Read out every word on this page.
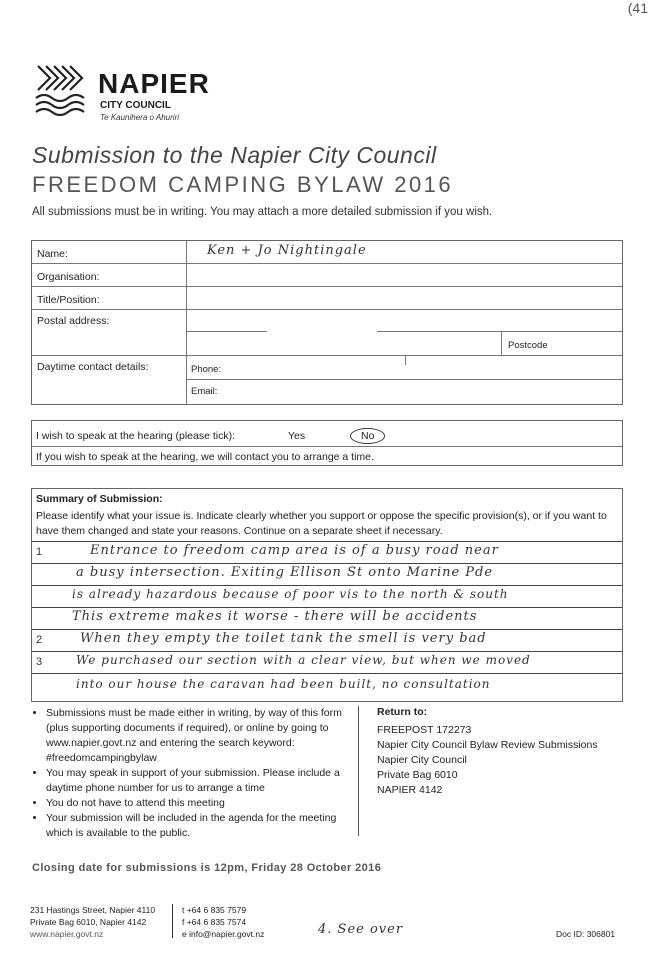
(41
NAPIER
CITY COUNCIL
Te Kaunihera o Ahuriri
Submission to the Napier City Council
FREEDOM CAMPING BYLAW 2016
All submissions must be in writing. You may attach a more detailed submission if you wish.
Name:	Ken + Jo Nightingale
Organisation:
Title/Position:
Postal address:
Postcode
Daytime contact details:	Phone:
Email:
I wish to speak at the hearing (please tick):	Yes	No
If you wish to speak at the hearing, we will contact you to arrange a time.
Summary of Submission:
Please identify what your issue is. Indicate clearly whether you support or oppose the specific provision(s), or if you want to have them changed and state your reasons. Continue on a separate sheet if necessary.
1	Entrance to freedom camp area is of a busy road near
a busy intersection. Exiting Ellison St onto Marine Pde
is already hazardous because of poor vis to the north & south
This extreme makes it worse - there will be accidents
2	When they empty the toilet tank the smell is very bad
3	We purchased our section with a clear view, but when we moved
into our house the caravan had been built, no consultation
• Submissions must be made either in writing, by way of this form (plus supporting documents if required), or online by going to www.napier.govt.nz and entering the search keyword: #freedomcampingbylaw
• You may speak in support of your submission. Please include a daytime phone number for us to arrange a time
• You do not have to attend this meeting
• Your submission will be included in the agenda for the meeting which is available to the public.
Return to:
FREEPOST 172273
Napier City Council Bylaw Review Submissions
Napier City Council
Private Bag 6010
NAPIER 4142
Closing date for submissions is 12pm, Friday 28 October 2016
231 Hastings Street, Napier 4110
Private Bag 6010, Napier 4142
www.napier.govt.nz
t +64 6 835 7579
f +64 6 835 7574
e info@napier.govt.nz	4. See over	Doc ID: 306801
